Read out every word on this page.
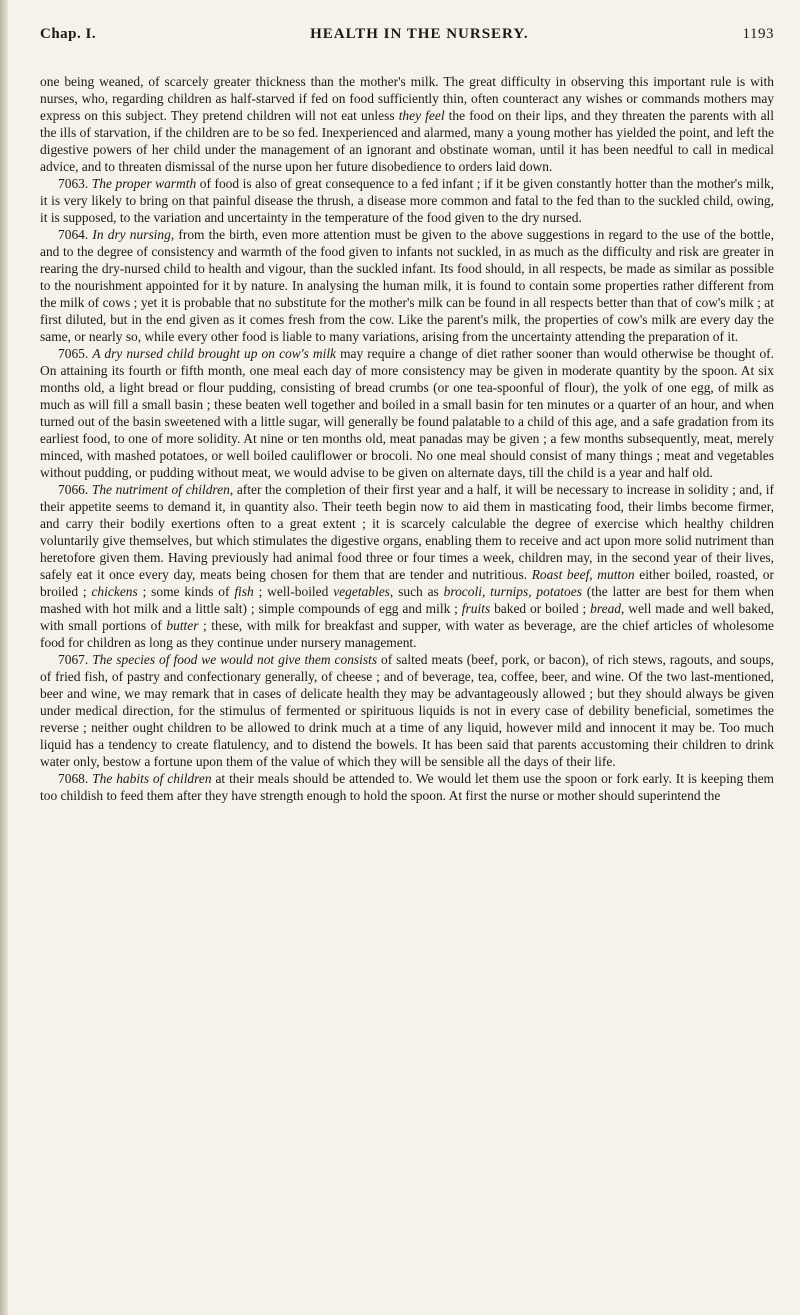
Chap. I.	HEALTH IN THE NURSERY.	1193

one being weaned, of scarcely greater thickness than the mother's milk. The great difficulty in observing this important rule is with nurses, who, regarding children as half-starved if fed on food sufficiently thin, often counteract any wishes or commands mothers may express on this subject. They pretend children will not eat unless they feel the food on their lips, and they threaten the parents with all the ills of starvation, if the children are to be so fed. Inexperienced and alarmed, many a young mother has yielded the point, and left the digestive powers of her child under the management of an ignorant and obstinate woman, until it has been needful to call in medical advice, and to threaten dismissal of the nurse upon her future disobedience to orders laid down.

7063. The proper warmth of food is also of great consequence to a fed infant ; if it be given constantly hotter than the mother's milk, it is very likely to bring on that painful disease the thrush, a disease more common and fatal to the fed than to the suckled child, owing, it is supposed, to the variation and uncertainty in the temperature of the food given to the dry nursed.

7064. In dry nursing, from the birth, even more attention must be given to the above suggestions in regard to the use of the bottle, and to the degree of consistency and warmth of the food given to infants not suckled, in as much as the difficulty and risk are greater in rearing the dry-nursed child to health and vigour, than the suckled infant. Its food should, in all respects, be made as similar as possible to the nourishment appointed for it by nature. In analysing the human milk, it is found to contain some properties rather different from the milk of cows ; yet it is probable that no substitute for the mother's milk can be found in all respects better than that of cow's milk ; at first diluted, but in the end given as it comes fresh from the cow. Like the parent's milk, the properties of cow's milk are every day the same, or nearly so, while every other food is liable to many variations, arising from the uncertainty attending the preparation of it.

7065. A dry nursed child brought up on cow's milk may require a change of diet rather sooner than would otherwise be thought of. On attaining its fourth or fifth month, one meal each day of more consistency may be given in moderate quantity by the spoon. At six months old, a light bread or flour pudding, consisting of bread crumbs (or one tea-spoonful of flour), the yolk of one egg, of milk as much as will fill a small basin ; these beaten well together and boiled in a small basin for ten minutes or a quarter of an hour, and when turned out of the basin sweetened with a little sugar, will generally be found palatable to a child of this age, and a safe gradation from its earliest food, to one of more solidity. At nine or ten months old, meat panadas may be given ; a few months subsequently, meat, merely minced, with mashed potatoes, or well boiled cauliflower or brocoli. No one meal should consist of many things ; meat and vegetables without pudding, or pudding without meat, we would advise to be given on alternate days, till the child is a year and half old.

7066. The nutriment of children, after the completion of their first year and a half, it will be necessary to increase in solidity ; and, if their appetite seems to demand it, in quantity also. Their teeth begin now to aid them in masticating food, their limbs become firmer, and carry their bodily exertions often to a great extent ; it is scarcely calculable the degree of exercise which healthy children voluntarily give themselves, but which stimulates the digestive organs, enabling them to receive and act upon more solid nutriment than heretofore given them. Having previously had animal food three or four times a week, children may, in the second year of their lives, safely eat it once every day, meats being chosen for them that are tender and nutritious. Roast beef, mutton either boiled, roasted, or broiled ; chickens ; some kinds of fish ; well-boiled vegetables, such as brocoli, turnips, potatoes (the latter are best for them when mashed with hot milk and a little salt) ; simple compounds of egg and milk ; fruits baked or boiled ; bread, well made and well baked, with small portions of butter ; these, with milk for breakfast and supper, with water as beverage, are the chief articles of wholesome food for children as long as they continue under nursery management.

7067. The species of food we would not give them consists of salted meats (beef, pork, or bacon), of rich stews, ragouts, and soups, of fried fish, of pastry and confectionary generally, of cheese ; and of beverage, tea, coffee, beer, and wine. Of the two last-mentioned, beer and wine, we may remark that in cases of delicate health they may be advantageously allowed ; but they should always be given under medical direction, for the stimulus of fermented or spirituous liquids is not in every case of debility beneficial, sometimes the reverse ; neither ought children to be allowed to drink much at a time of any liquid, however mild and innocent it may be. Too much liquid has a tendency to create flatulency, and to distend the bowels. It has been said that parents accustoming their children to drink water only, bestow a fortune upon them of the value of which they will be sensible all the days of their life.

7068. The habits of children at their meals should be attended to. We would let them use the spoon or fork early. It is keeping them too childish to feed them after they have strength enough to hold the spoon. At first the nurse or mother should superintend the
